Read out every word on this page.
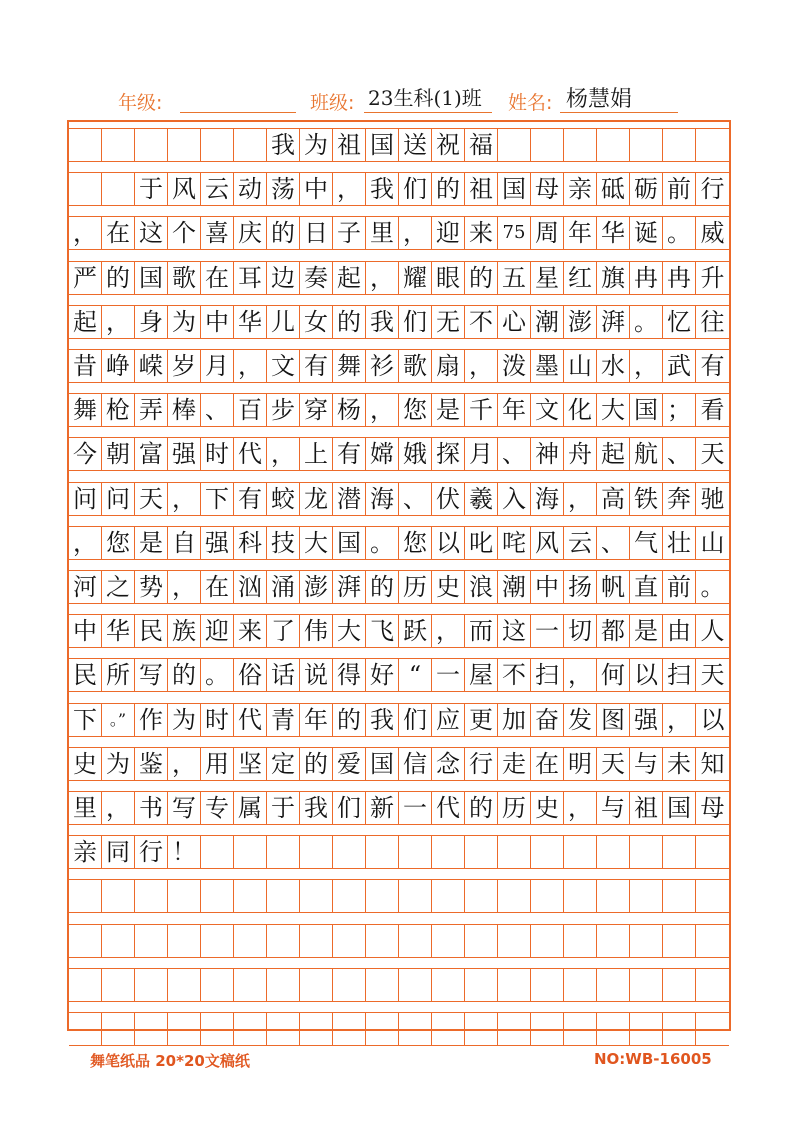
年级:	班级: 23生科(1)班 姓名: 杨慧娟
我 为 祖 国 送 祝 福
于 风 云 动 荡 中 ， 我 们 的 祖 国 母 亲 砥 砺 前 行
， 在 这 个 喜 庆 的 日 子 里 ， 迎 来 75 周 年 华 诞 。 威
严 的 国 歌 在 耳 边 奏 起 ， 耀 眼 的 五 星 红 旗 冉 冉 升
起 ， 身 为 中 华 儿 女 的 我 们 无 不 心 潮 澎 湃 。 忆 往
昔 峥 嵘 岁 月 ， 文 有 舞 衫 歌 扇 ， 泼 墨 山 水 ， 武 有
舞 枪 弄 棒 、 百 步 穿 杨 ， 您 是 千 年 文 化 大 国 ； 看
今 朝 富 强 时 代 ， 上 有 嫦 娥 探 月 、 神 舟 起 航 、 天
问 问 天 ， 下 有 蛟 龙 潜 海 、 伏 羲 入 海 ， 高 铁 奔 驰
， 您 是 自 强 科 技 大 国 。 您 以 叱 咤 风 云 、 气 壮 山
河 之 势 ， 在 汹 涌 澎 湃 的 历 史 浪 潮 中 扬 帆 直 前 。
中 华 民 族 迎 来 了 伟 大 飞 跃 ， 而 这 一 切 都 是 由 人
民 所 写 的 。 俗 话 说 得 好 “ 一 屋 不 扫 ， 何 以 扫 天
下 。” 作 为 时 代 青 年 的 我 们 应 更 加 奋 发 图 强 ， 以
史 为 鉴 ， 用 坚 定 的 爱 国 信 念 行 走 在 明 天 与 未 知
里 ， 书 写 专 属 于 我 们 新 一 代 的 历 史 ， 与 祖 国 母
亲 同 行 ！
舞笔纸品 20*20文稿纸	NO:WB-16005
